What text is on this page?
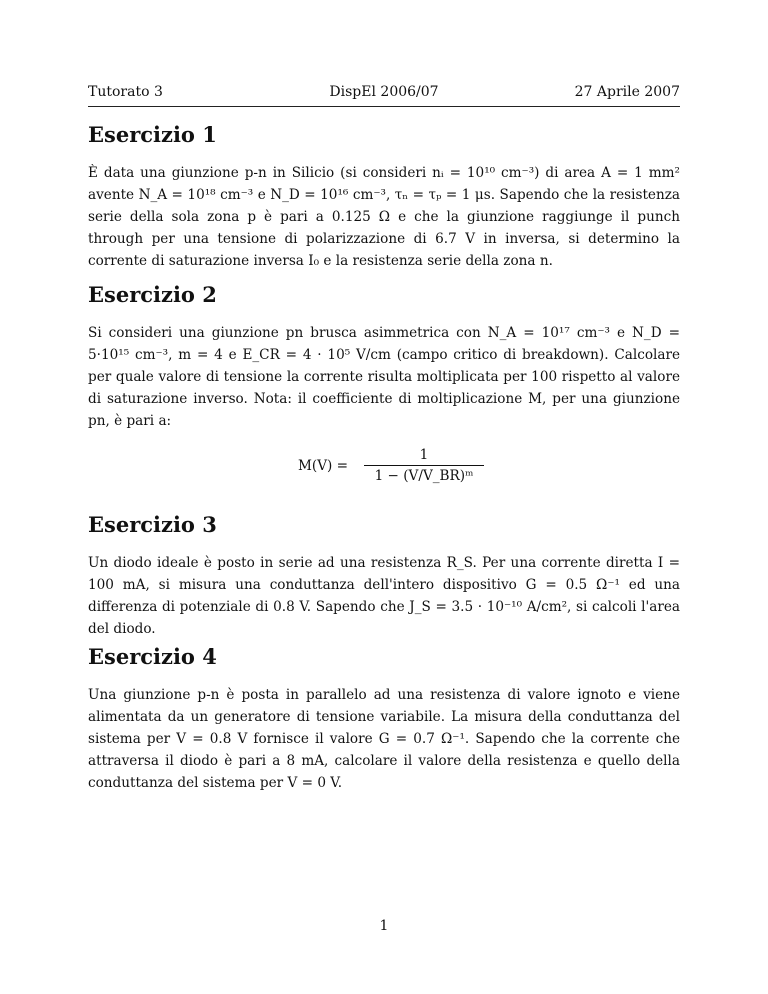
Tutorato 3	DispEl 2006/07	27 Aprile 2007
Esercizio 1

È data una giunzione p-n in Silicio (si consideri nᵢ = 10¹⁰ cm⁻³) di area A = 1 mm² avente N_A = 10¹⁸ cm⁻³ e N_D = 10¹⁶ cm⁻³, τₙ = τₚ = 1 μs. Sapendo che la resistenza serie della sola zona p è pari a 0.125 Ω e che la giunzione raggiunge il punch through per una tensione di polarizzazione di 6.7 V in inversa, si determino la corrente di saturazione inversa I₀ e la resistenza serie della zona n.

Esercizio 2

Si consideri una giunzione pn brusca asimmetrica con N_A = 10¹⁷ cm⁻³ e N_D = 5·10¹⁵ cm⁻³, m = 4 e E_CR = 4 · 10⁵ V/cm (campo critico di breakdown). Calcolare per quale valore di tensione la corrente risulta moltiplicata per 100 rispetto al valore di saturazione inverso. Nota: il coefficiente di moltiplicazione M, per una giunzione pn, è pari a:

M(V) =
1
1 − (V/V_BR)ᵐ
Esercizio 3

Un diodo ideale è posto in serie ad una resistenza R_S. Per una corrente diretta I = 100 mA, si misura una conduttanza dell'intero dispositivo G = 0.5 Ω⁻¹ ed una differenza di potenziale di 0.8 V. Sapendo che J_S = 3.5 · 10⁻¹⁰ A/cm², si calcoli l'area del diodo.

Esercizio 4

Una giunzione p-n è posta in parallelo ad una resistenza di valore ignoto e viene alimentata da un generatore di tensione variabile. La misura della conduttanza del sistema per V = 0.8 V fornisce il valore G = 0.7 Ω⁻¹. Sapendo che la corrente che attraversa il diodo è pari a 8 mA, calcolare il valore della resistenza e quello della conduttanza del sistema per V = 0 V.

1
